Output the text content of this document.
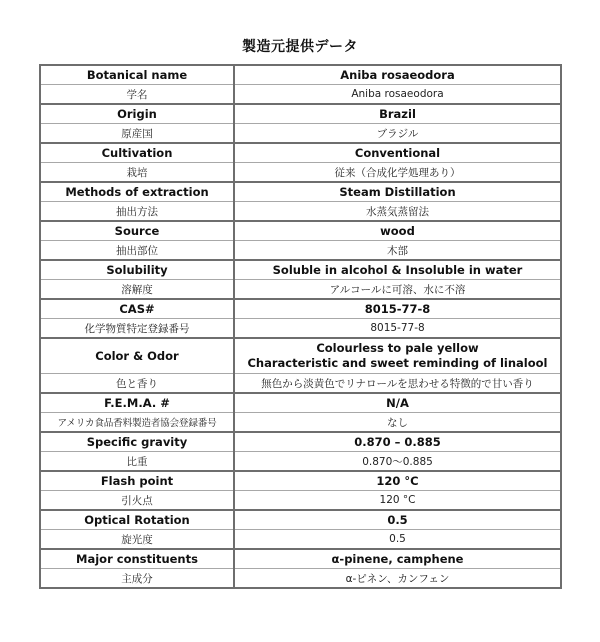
製造元提供データ
Botanical name	Aniba rosaeodora
学名	Aniba rosaeodora
Origin	Brazil
原産国	ブラジル
Cultivation	Conventional
栽培	従来（合成化学処理あり）
Methods of extraction	Steam Distillation
抽出方法	水蒸気蒸留法
Source	wood
抽出部位	木部
Solubility	Soluble in alcohol & Insoluble in water
溶解度	アルコールに可溶、水に不溶
CAS#	8015-77-8
化学物質特定登録番号	8015-77-8
Color & Odor	Colourless to pale yellow
Characteristic and sweet reminding of linalool

色と香り	無色から淡黄色でリナロールを思わせる特徴的で甘い香り
F.E.M.A. #	N/A
アメリカ食品香料製造者協会登録番号	なし
Specific gravity	0.870 – 0.885
比重	0.870～0.885
Flash point	120 °C
引火点	120 °C
Optical Rotation	0.5
旋光度	0.5
Major constituents	α-pinene, camphene
主成分	α-ピネン、カンフェン
